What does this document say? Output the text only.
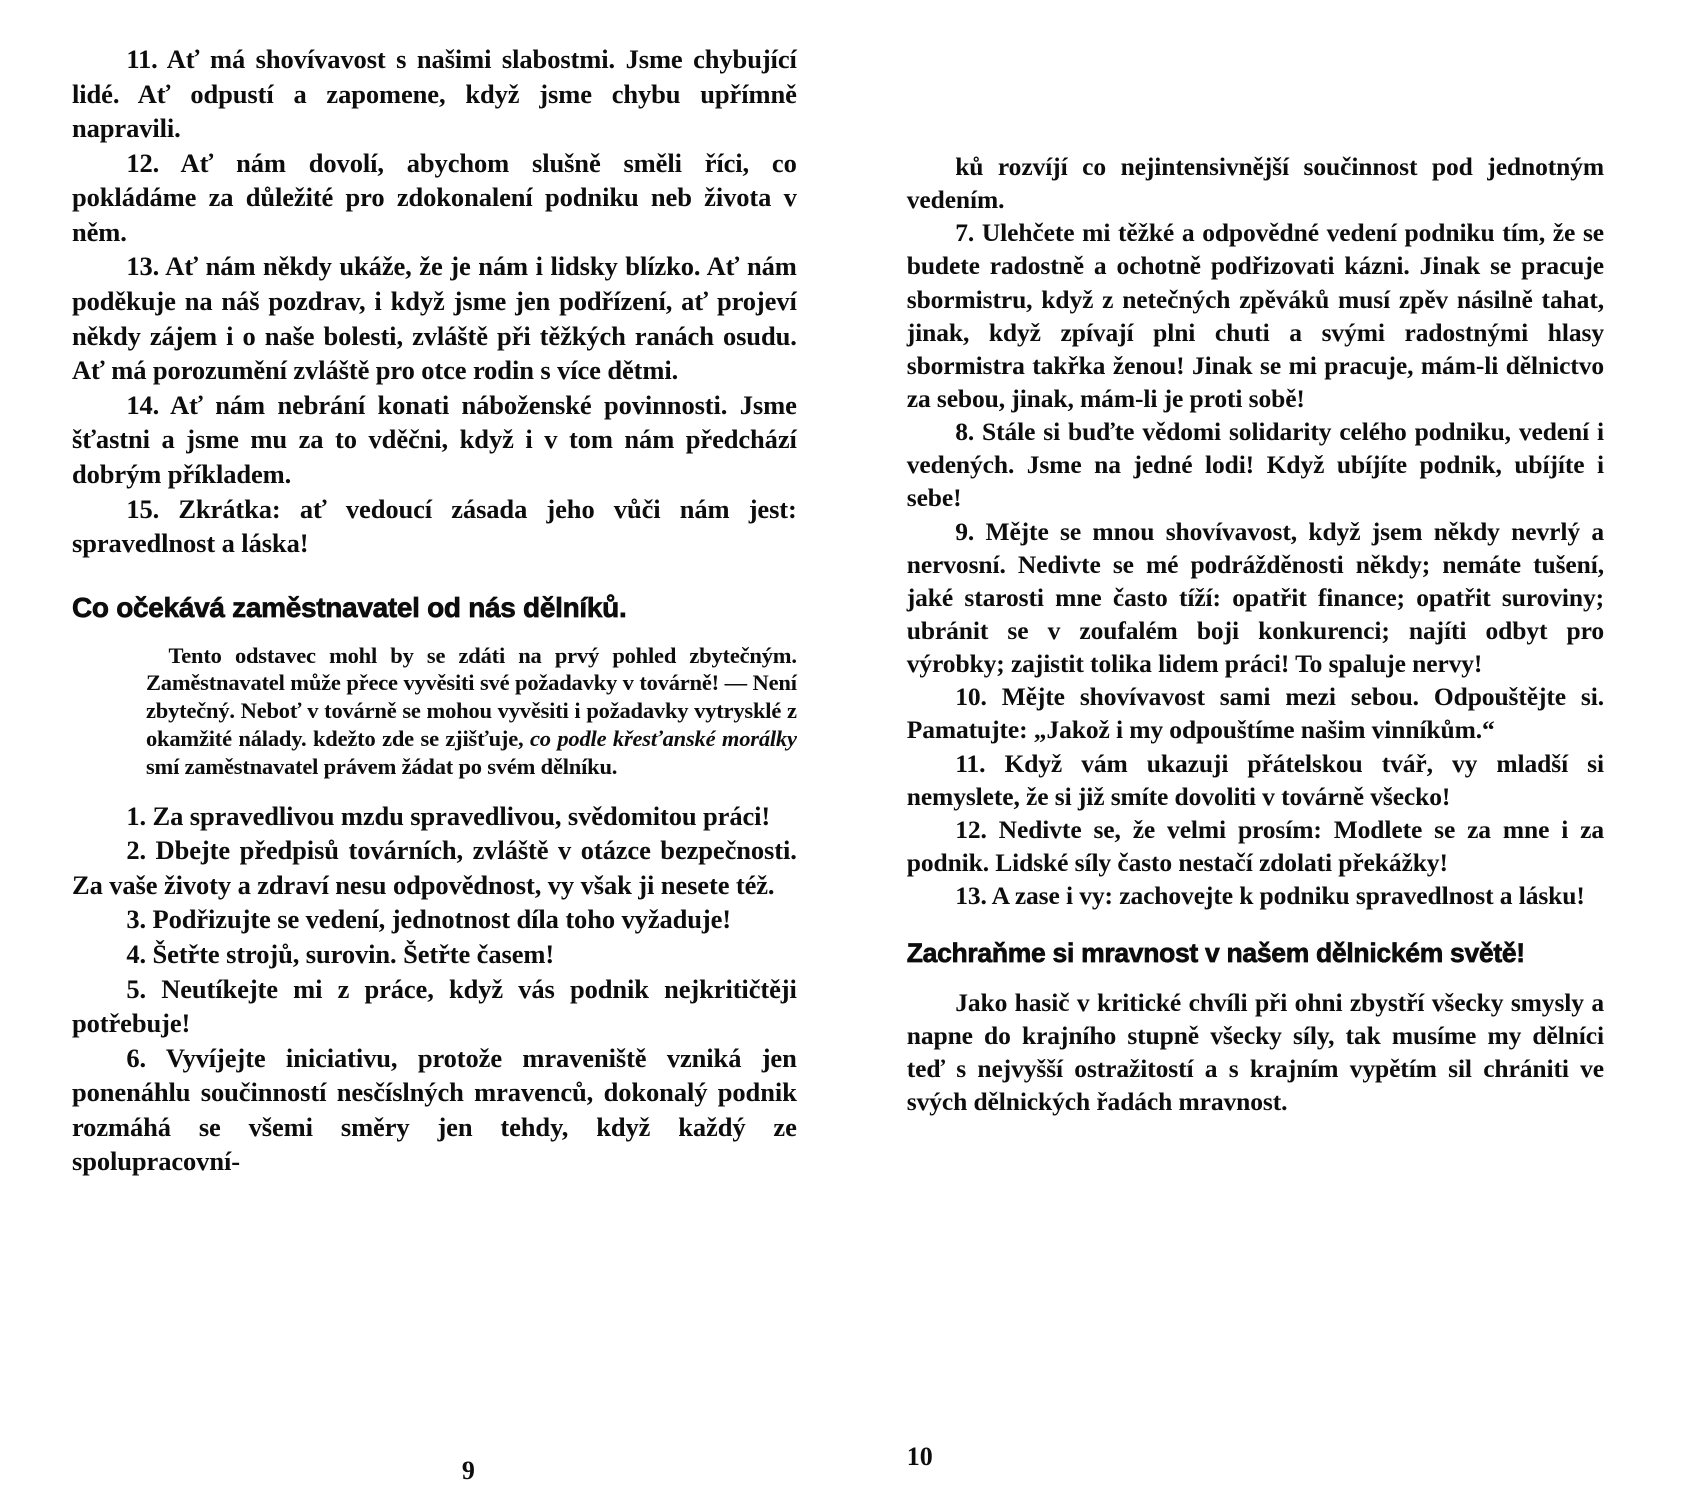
11. Ať má shovívavost s našimi slabostmi. Jsme chybující lidé. Ať odpustí a zapomene, když jsme chybu upřímně napravili.

12. Ať nám dovolí, abychom slušně směli říci, co pokládáme za důležité pro zdokonalení podniku neb života v něm.

13. Ať nám někdy ukáže, že je nám i lidsky blízko. Ať nám poděkuje na náš pozdrav, i když jsme jen podřízení, ať projeví někdy zájem i o naše bolesti, zvláště při těžkých ranách osudu. Ať má porozumění zvláště pro otce rodin s více dětmi.

14. Ať nám nebrání konati náboženské povinnosti. Jsme šťastni a jsme mu za to vděčni, když i v tom nám předchází dobrým příkladem.

15. Zkrátka: ať vedoucí zásada jeho vůči nám jest: spravedlnost a láska!

Co očekává zaměstnavatel od nás dělníků.
Tento odstavec mohl by se zdáti na prvý pohled zbytečným. Zaměstnavatel může přece vyvěsiti své požadavky v továrně! — Není zbytečný. Neboť v továrně se mohou vyvěsiti i požadavky vytrysklé z okamžité nálady. kdežto zde se zjišťuje, co podle křesťanské morálky smí zaměstnavatel právem žádat po svém dělníku.

1. Za spravedlivou mzdu spravedlivou, svědomitou práci!

2. Dbejte předpisů továrních, zvláště v otázce bezpečnosti. Za vaše životy a zdraví nesu odpovědnost, vy však ji nesete též.

3. Podřizujte se vedení, jednotnost díla toho vyžaduje!

4. Šetřte strojů, surovin. Šetřte časem!

5. Neutíkejte mi z práce, když vás podnik nejkritičtěji potřebuje!

6. Vyvíjejte iniciativu, protože mraveniště vzniká jen ponenáhlu součinností nesčíslných mravenců, dokonalý podnik rozmáhá se všemi směry jen tehdy, když každý ze spolupracovní-

9

ků rozvíjí co nejintensivnější součinnost pod jednotným vedením.

7. Ulehčete mi těžké a odpovědné vedení podniku tím, že se budete radostně a ochotně podřizovati kázni. Jinak se pracuje sbormistru, když z netečných zpěváků musí zpěv násilně tahat, jinak, když zpívají plni chuti a svými radostnými hlasy sbormistra takřka ženou! Jinak se mi pracuje, mám-li dělnictvo za sebou, jinak, mám-li je proti sobě!

8. Stále si buďte vědomi solidarity celého podniku, vedení i vedených. Jsme na jedné lodi! Když ubíjíte podnik, ubíjíte i sebe!

9. Mějte se mnou shovívavost, když jsem někdy nevrlý a nervosní. Nedivte se mé podrážděnosti někdy; nemáte tušení, jaké starosti mne často tíží: opatřit finance; opatřit suroviny; ubránit se v zoufalém boji konkurenci; najíti odbyt pro výrobky; zajistit tolika lidem práci! To spaluje nervy!

10. Mějte shovívavost sami mezi sebou. Odpouštějte si. Pamatujte: „Jakož i my odpouštíme našim vinníkům.“

11. Když vám ukazuji přátelskou tvář, vy mladší si nemyslete, že si již smíte dovoliti v továrně všecko!

12. Nedivte se, že velmi prosím: Modlete se za mne i za podnik. Lidské síly často nestačí zdolati překážky!

13. A zase i vy: zachovejte k podniku spravedlnost a lásku!

Zachraňme si mravnost v našem dělnickém světě!

Jako hasič v kritické chvíli při ohni zbystří všecky smysly a napne do krajního stupně všecky síly, tak musíme my dělníci teď s nejvyšší ostražitostí a s krajním vypětím sil chrániti ve svých dělnických řadách mravnost.

10
